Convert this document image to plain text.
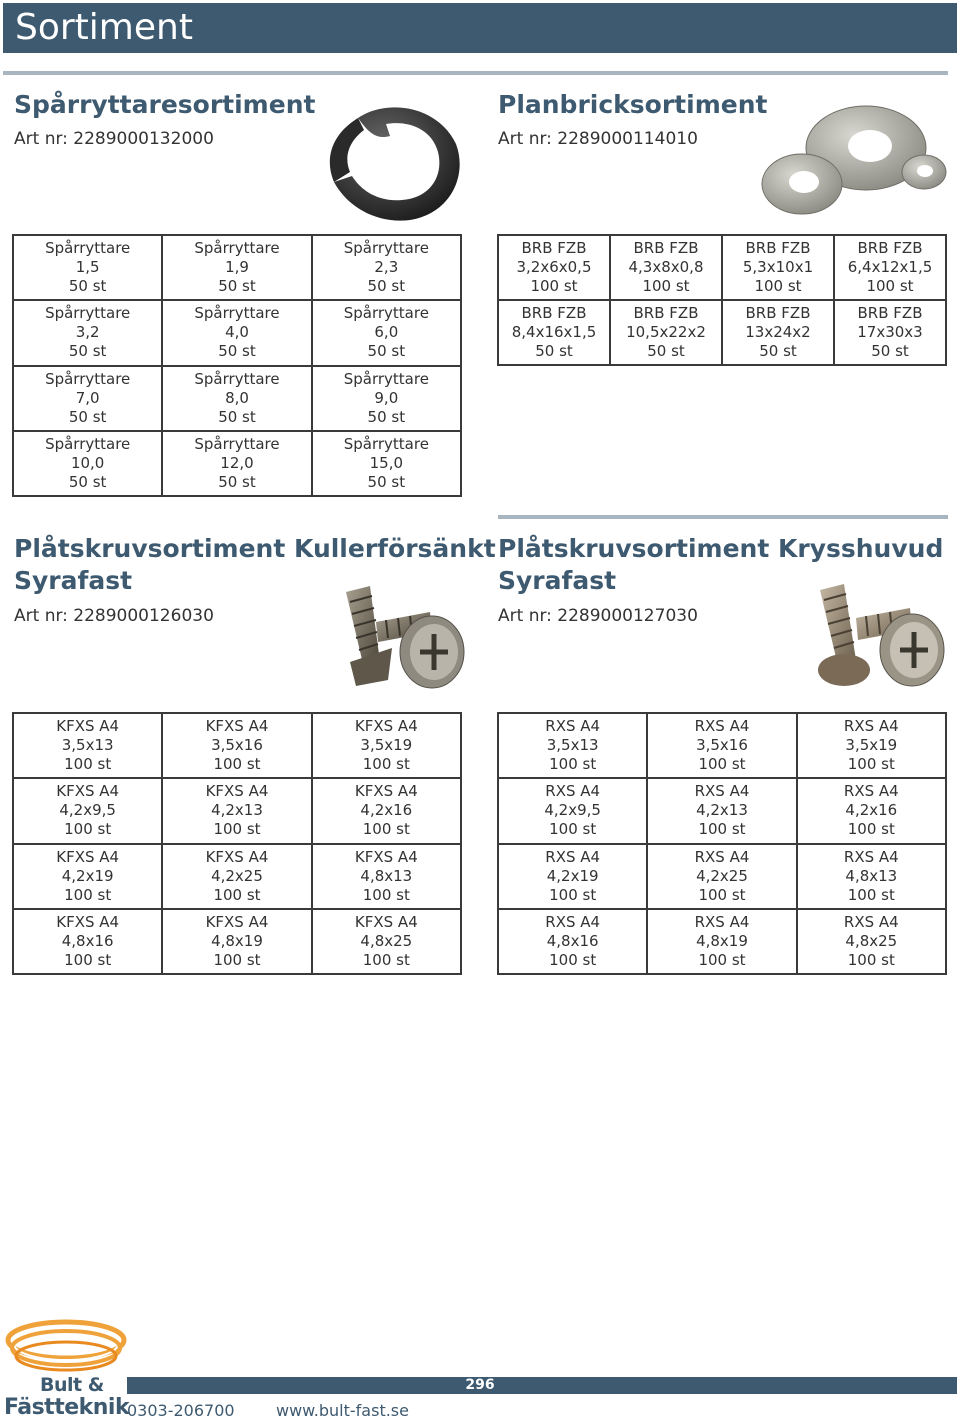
Sortiment
Spårryttaresortiment
Art nr: 2289000132000
Spårryttare
1,5
50 st	Spårryttare
1,9
50 st	Spårryttare
2,3
50 st

Spårryttare
3,2
50 st	Spårryttare
4,0
50 st	Spårryttare
6,0
50 st

Spårryttare
7,0
50 st	Spårryttare
8,0
50 st	Spårryttare
9,0
50 st

Spårryttare
10,0
50 st	Spårryttare
12,0
50 st	Spårryttare
15,0
50 st
Planbricksortiment
Art nr: 2289000114010
BRB FZB
3,2x6x0,5
100 st	BRB FZB
4,3x8x0,8
100 st	BRB FZB
5,3x10x1
100 st	BRB FZB
6,4x12x1,5
100 st

BRB FZB
8,4x16x1,5
50 st	BRB FZB
10,5x22x2
50 st	BRB FZB
13x24x2
50 st	BRB FZB
17x30x3
50 st
Plåtskruvsortiment Kullerförsänkt
Syrafast
Art nr: 2289000126030
KFXS A4
3,5x13
100 st	KFXS A4
3,5x16
100 st	KFXS A4
3,5x19
100 st

KFXS A4
4,2x9,5
100 st	KFXS A4
4,2x13
100 st	KFXS A4
4,2x16
100 st

KFXS A4
4,2x19
100 st	KFXS A4
4,2x25
100 st	KFXS A4
4,8x13
100 st

KFXS A4
4,8x16
100 st	KFXS A4
4,8x19
100 st	KFXS A4
4,8x25
100 st
Plåtskruvsortiment Krysshuvud
Syrafast
Art nr: 2289000127030
RXS A4
3,5x13
100 st	RXS A4
3,5x16
100 st	RXS A4
3,5x19
100 st

RXS A4
4,2x9,5
100 st	RXS A4
4,2x13
100 st	RXS A4
4,2x16
100 st

RXS A4
4,2x19
100 st	RXS A4
4,2x25
100 st	RXS A4
4,8x13
100 st

RXS A4
4,8x16
100 st	RXS A4
4,8x19
100 st	RXS A4
4,8x25
100 st
Bult &
Fästteknik
296
0303-206700	www.bult-fast.se
